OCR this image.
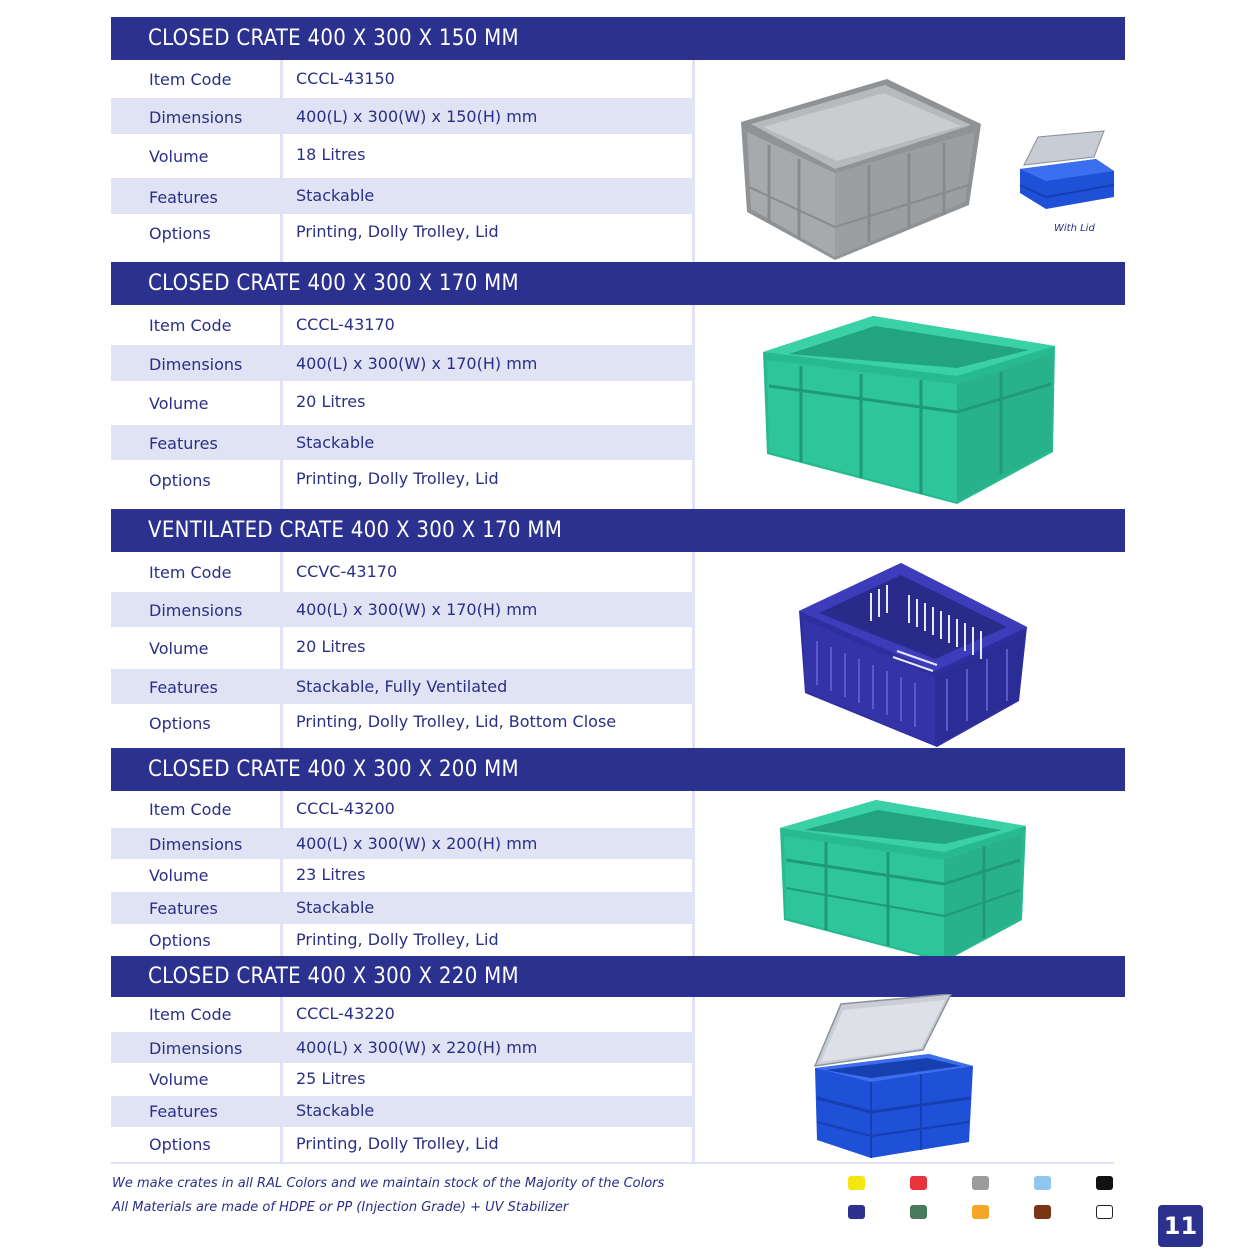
CLOSED CRATE 400 X 300 X 150 MM
Item Code	CCCL-43150
Dimensions	400(L) x 300(W) x 150(H) mm
Volume	18 Litres
Features	Stackable
Options	Printing, Dolly Trolley, Lid	With Lid
CLOSED CRATE 400 X 300 X 170 MM
Item Code	CCCL-43170
Dimensions	400(L) x 300(W) x 170(H) mm
Volume	20 Litres
Features	Stackable
Options	Printing, Dolly Trolley, Lid
VENTILATED CRATE 400 X 300 X 170 MM
Item Code	CCVC-43170
Dimensions	400(L) x 300(W) x 170(H) mm
Volume	20 Litres
Features	Stackable, Fully Ventilated
Options	Printing, Dolly Trolley, Lid, Bottom Close
CLOSED CRATE 400 X 300 X 200 MM
Item Code	CCCL-43200
Dimensions	400(L) x 300(W) x 200(H) mm
Volume	23 Litres
Features	Stackable
Options	Printing, Dolly Trolley, Lid
CLOSED CRATE 400 X 300 X 220 MM
Item Code	CCCL-43220
Dimensions	400(L) x 300(W) x 220(H) mm
Volume	25 Litres
Features	Stackable
Options	Printing, Dolly Trolley, Lid
We make crates in all RAL Colors and we maintain stock of the Majority of the Colors
All Materials are made of HDPE or PP (Injection Grade) + UV Stabilizer
11
